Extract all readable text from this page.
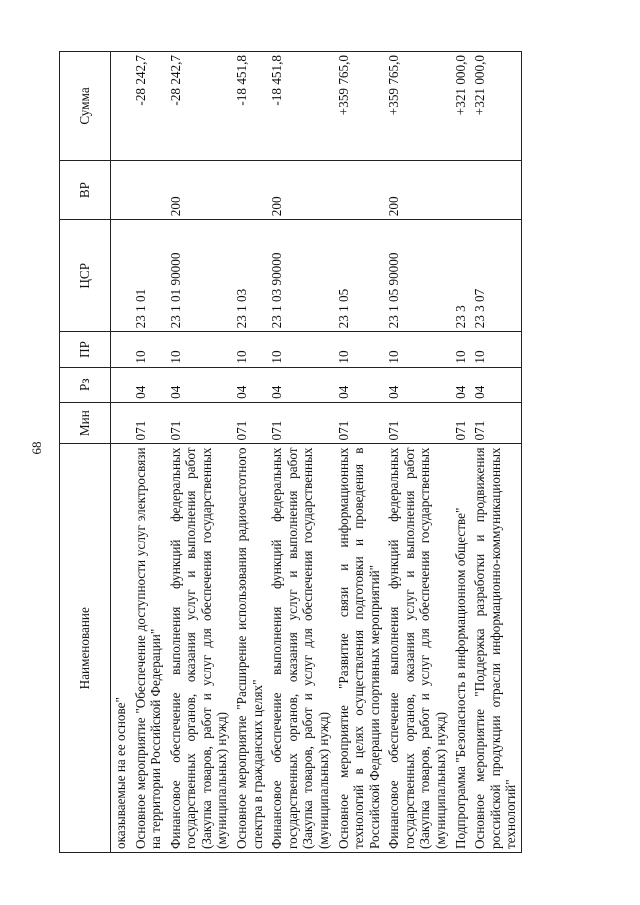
68
Наименование	Мин	Рз	ПР	ЦСР	ВР	Сумма
оказываемые на ее основе"						
Основное мероприятие "Обеспечение доступности услуг электросвязи на территории Российской Федерации"	071	04	10	23 1 01		-28 242,7
Финансовое обеспечение выполнения функций федеральных государственных органов, оказания услуг и выполнения работ (Закупка товаров, работ и услуг для обеспечения государственных (муниципальных) нужд)	071	04	10	23 1 01 90000	200	-28 242,7
Основное мероприятие "Расширение использования радиочастотного спектра в гражданских целях"	071	04	10	23 1 03		-18 451,8
Финансовое обеспечение выполнения функций федеральных государственных органов, оказания услуг и выполнения работ (Закупка товаров, работ и услуг для обеспечения государственных (муниципальных) нужд)	071	04	10	23 1 03 90000	200	-18 451,8
Основное мероприятие "Развитие связи и информационных технологий в целях осуществления подготовки и проведения в Российской Федерации спортивных мероприятий"	071	04	10	23 1 05		+359 765,0
Финансовое обеспечение выполнения функций федеральных государственных органов, оказания услуг и выполнения работ (Закупка товаров, работ и услуг для обеспечения государственных (муниципальных) нужд)	071	04	10	23 1 05 90000	200	+359 765,0
Подпрограмма "Безопасность в информационном обществе"	071	04	10	23 3		+321 000,0
Основное мероприятие "Поддержка разработки и продвижения российской продукции отрасли информационно-коммуникационных технологий"	071	04	10	23 3 07		+321 000,0
